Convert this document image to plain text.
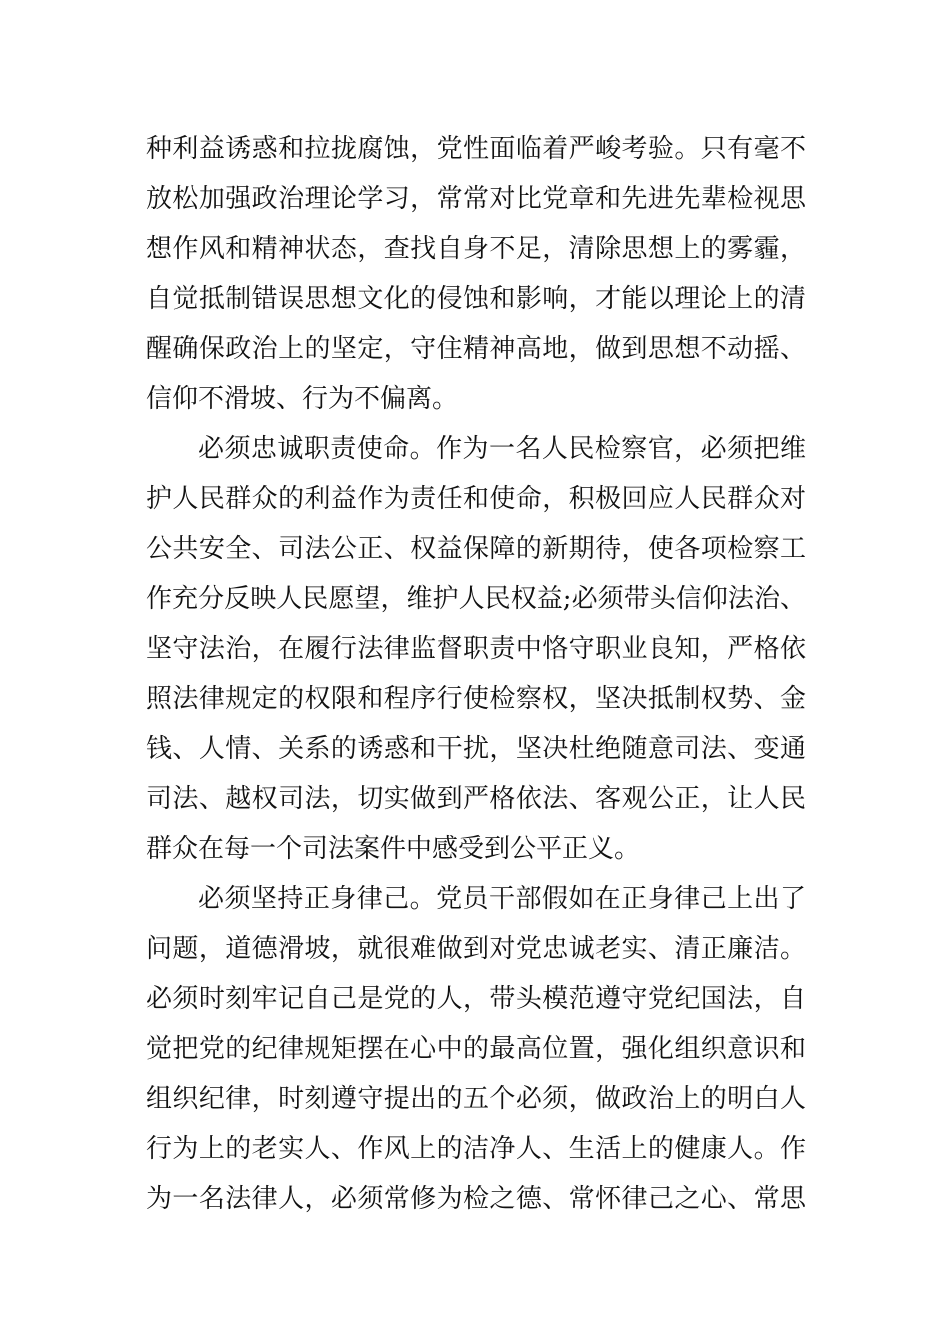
种利益诱惑和拉拢腐蚀，党性面临着严峻考验。只有毫不
放松加强政治理论学习，常常对比党章和先进先辈检视思
想作风和精神状态，查找自身不足，清除思想上的雾霾，
自觉抵制错误思想文化的侵蚀和影响，才能以理论上的清
醒确保政治上的坚定，守住精神高地，做到思想不动摇、
信仰不滑坡、行为不偏离。
必须忠诚职责使命。作为一名人民检察官，必须把维
护人民群众的利益作为责任和使命，积极回应人民群众对
公共安全、司法公正、权益保障的新期待，使各项检察工
作充分反映人民愿望，维护人民权益;必须带头信仰法治、
坚守法治，在履行法律监督职责中恪守职业良知，严格依
照法律规定的权限和程序行使检察权，坚决抵制权势、金
钱、人情、关系的诱惑和干扰，坚决杜绝随意司法、变通
司法、越权司法，切实做到严格依法、客观公正，让人民
群众在每一个司法案件中感受到公平正义。
必须坚持正身律己。党员干部假如在正身律己上出了
问题，道德滑坡，就很难做到对党忠诚老实、清正廉洁。
必须时刻牢记自己是党的人，带头模范遵守党纪国法，自
觉把党的纪律规矩摆在心中的最高位置，强化组织意识和
组织纪律，时刻遵守提出的五个必须，做政治上的明白人
行为上的老实人、作风上的洁净人、生活上的健康人。作
为一名法律人，必须常修为检之德、常怀律己之心、常思
